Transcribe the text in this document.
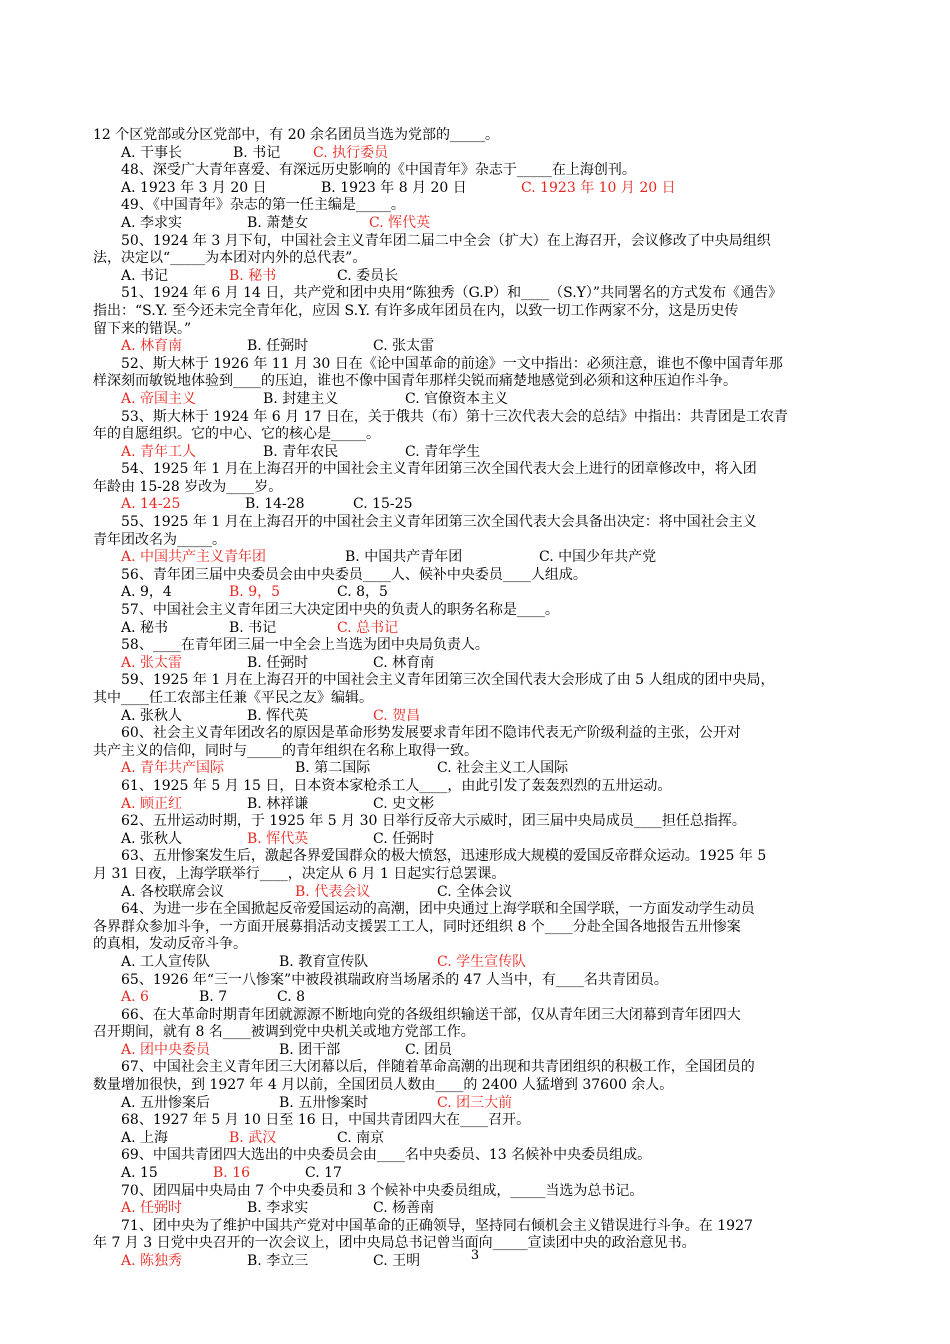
12 个区党部或分区党部中，有 20 余名团员当选为党部的_____。
A. 干事长	B. 书记	C. 执行委员
48、深受广大青年喜爱、有深远历史影响的《中国青年》杂志于_____在上海创刊。
A. 1923 年 3 月 20 日	B. 1923 年 8 月 20 日	C. 1923 年 10 月 20 日
49、《中国青年》杂志的第一任主编是_____。
A. 李求实	B. 萧楚女	C. 恽代英
50、1924 年 3 月下旬，中国社会主义青年团二届二中全会（扩大）在上海召开，会议修改了中央局组织
法，决定以“_____为本团对内外的总代表”。
A. 书记	B. 秘书	C. 委员长
51、1924 年 6 月 14 日，共产党和团中央用“陈独秀（G.P）和____（S.Y）”共同署名的方式发布《通告》
指出：“S.Y. 至今还未完全青年化，应因 S.Y. 有许多成年团员在内，以致一切工作两家不分，这是历史传
留下来的错误。”
A. 林育南	B. 任弼时	C. 张太雷
52、斯大林于 1926 年 11 月 30 日在《论中国革命的前途》一文中指出：必须注意，谁也不像中国青年那
样深刻而敏锐地体验到____的压迫，谁也不像中国青年那样尖锐而痛楚地感觉到必须和这种压迫作斗争。
A. 帝国主义	B. 封建主义	C. 官僚资本主义
53、斯大林于 1924 年 6 月 17 日在，关于俄共（布）第十三次代表大会的总结》中指出：共青团是工农青
年的自愿组织。它的中心、它的核心是_____。
A. 青年工人	B. 青年农民	C. 青年学生
54、1925 年 1 月在上海召开的中国社会主义青年团第三次全国代表大会上进行的团章修改中，将入团
年龄由 15-28 岁改为____岁。
A. 14-25	B. 14-28	C. 15-25
55、1925 年 1 月在上海召开的中国社会主义青年团第三次全国代表大会具备出决定：将中国社会主义
青年团改名为_____。
A. 中国共产主义青年团	B. 中国共产青年团	C. 中国少年共产党
56、青年团三届中央委员会由中央委员____人、候补中央委员____人组成。
A. 9，4	B. 9，5	C. 8，5
57、中国社会主义青年团三大决定团中央的负责人的职务名称是____。
A. 秘书	B. 书记	C. 总书记
58、____在青年团三届一中全会上当选为团中央局负责人。
A. 张太雷	B. 任弼时	C. 林育南
59、1925 年 1 月在上海召开的中国社会主义青年团第三次全国代表大会形成了由 5 人组成的团中央局，
其中____任工农部主任兼《平民之友》编辑。
A. 张秋人	B. 恽代英	C. 贺昌
60、社会主义青年团改名的原因是革命形势发展要求青年团不隐讳代表无产阶级利益的主张，公开对
共产主义的信仰，同时与_____的青年组织在名称上取得一致。
A. 青年共产国际	B. 第二国际	C. 社会主义工人国际
61、1925 年 5 月 15 日，日本资本家枪杀工人____，由此引发了轰轰烈烈的五卅运动。
A. 顾正红	B. 林祥谦	C. 史文彬
62、五卅运动时期，于 1925 年 5 月 30 日举行反帝大示威时，团三届中央局成员____担任总指挥。
A. 张秋人	B. 恽代英	C. 任弼时
63、五卅惨案发生后，激起各界爱国群众的极大愤怒，迅速形成大规模的爱国反帝群众运动。1925 年 5
月 31 日夜，上海学联举行____，决定从 6 月 1 日起实行总罢课。
A. 各校联席会议	B. 代表会议	C. 全体会议
64、为进一步在全国掀起反帝爱国运动的高潮，团中央通过上海学联和全国学联，一方面发动学生动员
各界群众参加斗争，一方面开展募捐活动支援罢工工人，同时还组织 8 个____分赴全国各地报告五卅惨案
的真相，发动反帝斗争。
A. 工人宣传队	B. 教育宣传队	C. 学生宣传队
65、1926 年“三一八惨案”中被段祺瑞政府当场屠杀的 47 人当中，有____名共青团员。
A. 6	B. 7	C. 8
66、在大革命时期青年团就源源不断地向党的各级组织输送干部，仅从青年团三大闭幕到青年团四大
召开期间，就有 8 名____被调到党中央机关或地方党部工作。
A. 团中央委员	B. 团干部	C. 团员
67、中国社会主义青年团三大闭幕以后，伴随着革命高潮的出现和共青团组织的积极工作，全国团员的
数量增加很快，到 1927 年 4 月以前，全国团员人数由____的 2400 人猛增到 37600 余人。
A. 五卅惨案后	B. 五卅惨案时	C. 团三大前
68、1927 年 5 月 10 日至 16 日，中国共青团四大在____召开。
A. 上海	B. 武汉	C. 南京
69、中国共青团四大选出的中央委员会由____名中央委员、13 名候补中央委员组成。
A. 15	B. 16	C. 17
70、团四届中央局由 7 个中央委员和 3 个候补中央委员组成，_____当选为总书记。
A. 任弼时	B. 李求实	C. 杨善南
71、团中央为了维护中国共产党对中国革命的正确领导，坚持同右倾机会主义错误进行斗争。在 1927
年 7 月 3 日党中央召开的一次会议上，团中央局总书记曾当面向_____宣读团中央的政治意见书。
A. 陈独秀	B. 李立三	C. 王明	3
